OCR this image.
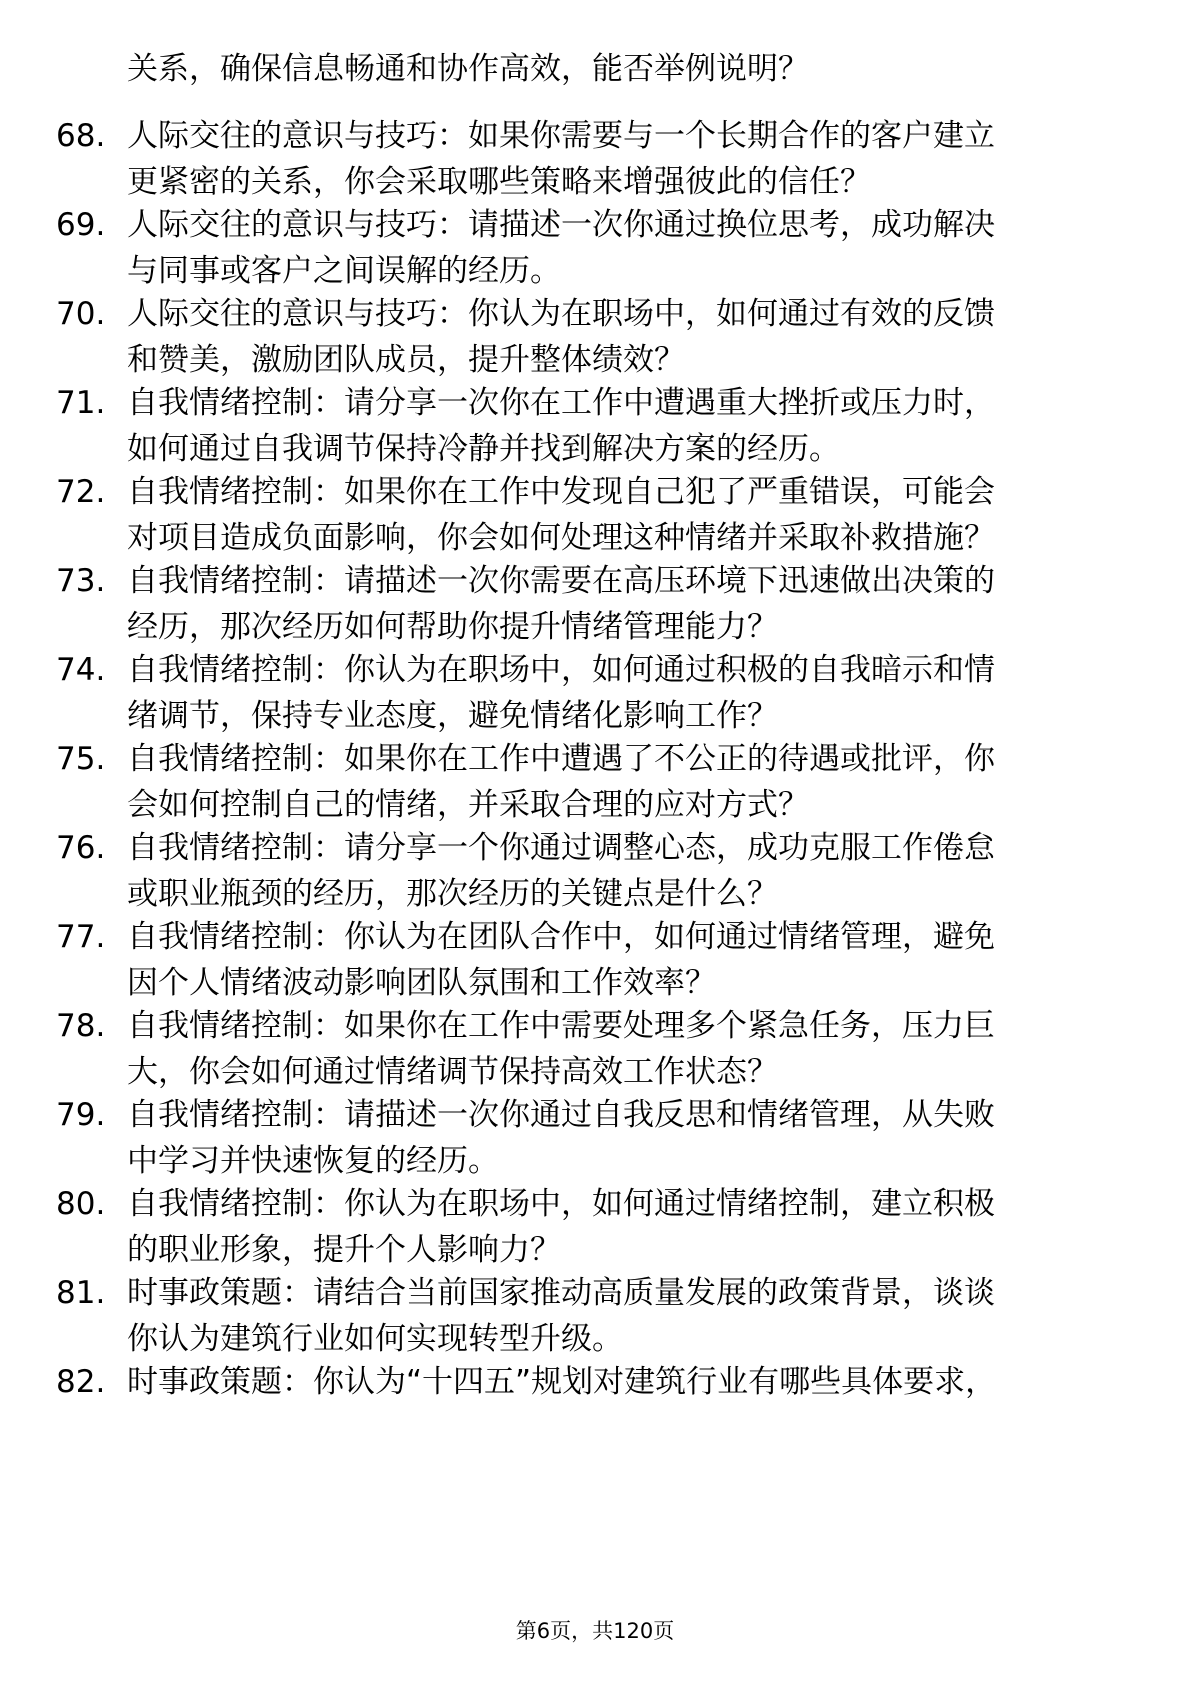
关系，确保信息畅通和协作高效，能否举例说明？
68. 人际交往的意识与技巧：如果你需要与一个长期合作的客户建立
更紧密的关系，你会采取哪些策略来增强彼此的信任？
69. 人际交往的意识与技巧：请描述一次你通过换位思考，成功解决
与同事或客户之间误解的经历。
70. 人际交往的意识与技巧：你认为在职场中，如何通过有效的反馈
和赞美，激励团队成员，提升整体绩效？
71. 自我情绪控制：请分享一次你在工作中遭遇重大挫折或压力时，
如何通过自我调节保持冷静并找到解决方案的经历。
72. 自我情绪控制：如果你在工作中发现自己犯了严重错误，可能会
对项目造成负面影响，你会如何处理这种情绪并采取补救措施？
73. 自我情绪控制：请描述一次你需要在高压环境下迅速做出决策的
经历，那次经历如何帮助你提升情绪管理能力？
74. 自我情绪控制：你认为在职场中，如何通过积极的自我暗示和情
绪调节，保持专业态度，避免情绪化影响工作？
75. 自我情绪控制：如果你在工作中遭遇了不公正的待遇或批评，你
会如何控制自己的情绪，并采取合理的应对方式？
76. 自我情绪控制：请分享一个你通过调整心态，成功克服工作倦怠
或职业瓶颈的经历，那次经历的关键点是什么？
77. 自我情绪控制：你认为在团队合作中，如何通过情绪管理，避免
因个人情绪波动影响团队氛围和工作效率？
78. 自我情绪控制：如果你在工作中需要处理多个紧急任务，压力巨
大，你会如何通过情绪调节保持高效工作状态？
79. 自我情绪控制：请描述一次你通过自我反思和情绪管理，从失败
中学习并快速恢复的经历。
80. 自我情绪控制：你认为在职场中，如何通过情绪控制，建立积极
的职业形象，提升个人影响力？
81. 时事政策题：请结合当前国家推动高质量发展的政策背景，谈谈
你认为建筑行业如何实现转型升级。
82. 时事政策题：你认为“十四五”规划对建筑行业有哪些具体要求，
第6页，共120页
